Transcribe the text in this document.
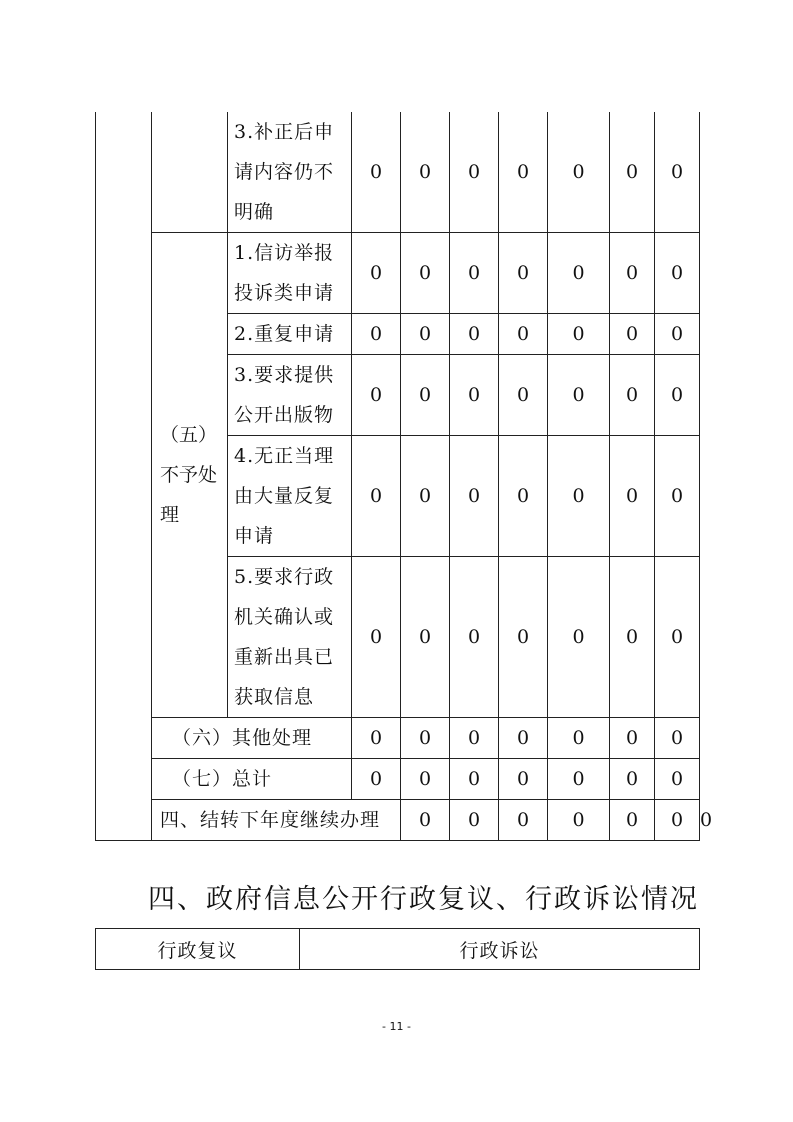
		3.补正后申请内容仍不明确	0	0	0	0	0	0	0	
	（五）不予处理	1.信访举报投诉类申请	0	0	0	0	0	0	0	
		2.重复申请	0	0	0	0	0	0	0	
		3.要求提供公开出版物	0	0	0	0	0	0	0	
		4.无正当理由大量反复申请	0	0	0	0	0	0	0	
		5.要求行政机关确认或重新出具已获取信息	0	0	0	0	0	0	0	
	（六）其他处理		0	0	0	0	0	0	0	
	（七）总计		0	0	0	0	0	0	0	
	四、结转下年度继续办理			0	0	0	0	0	0	0
四、政府信息公开行政复议、行政诉讼情况
行政复议	行政诉讼
- 11 -
